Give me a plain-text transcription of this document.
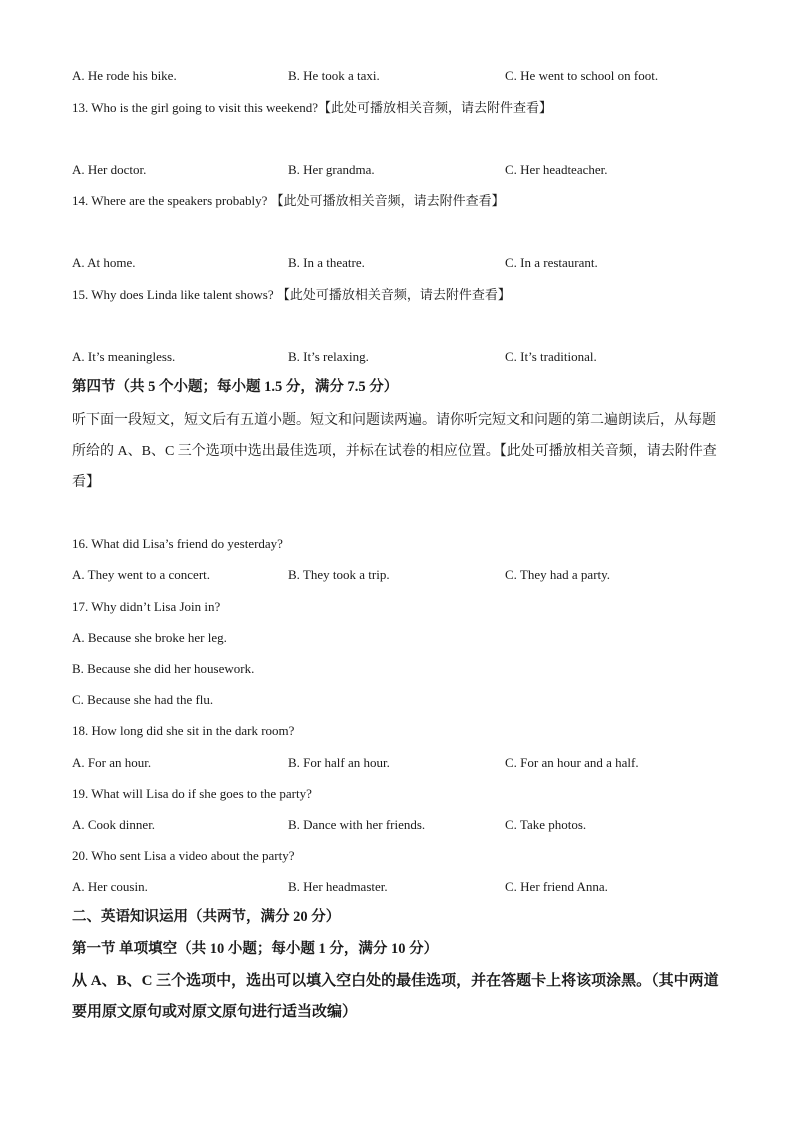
A. He rode his bike.	B. He took a taxi.	C. He went to school on foot.
13. Who is the girl going to visit this weekend?【此处可播放相关音频，请去附件查看】
A. Her doctor.	B. Her grandma.	C. Her headteacher.
14. Where are the speakers probably? 【此处可播放相关音频，请去附件查看】
A. At home.	B. In a theatre.	C. In a restaurant.
15. Why does Linda like talent shows? 【此处可播放相关音频，请去附件查看】
A. It’s meaningless.	B. It’s relaxing.	C. It’s traditional.
第四节（共 5 个小题；每小题 1.5 分，满分 7.5 分）
听下面一段短文，短文后有五道小题。短文和问题读两遍。请你听完短文和问题的第二遍朗读后，从每题所给的 A、B、C 三个选项中选出最佳选项，并标在试卷的相应位置。【此处可播放相关音频，请去附件查看】
16. What did Lisa’s friend do yesterday?
A. They went to a concert.	B. They took a trip.	C. They had a party.
17. Why didn’t Lisa Join in?
A. Because she broke her leg.
B. Because she did her housework.
C. Because she had the flu.
18. How long did she sit in the dark room?
A. For an hour.	B. For half an hour.	C. For an hour and a half.
19. What will Lisa do if she goes to the party?
A. Cook dinner.	B. Dance with her friends.	C. Take photos.
20. Who sent Lisa a video about the party?
A. Her cousin.	B. Her headmaster.	C. Her friend Anna.
二、英语知识运用（共两节，满分 20 分）
第一节 单项填空（共 10 小题；每小题 1 分，满分 10 分）
从 A、B、C 三个选项中，选出可以填入空白处的最佳选项，并在答题卡上将该项涂黑。（其中两道要用原文原句或对原文原句进行适当改编）
